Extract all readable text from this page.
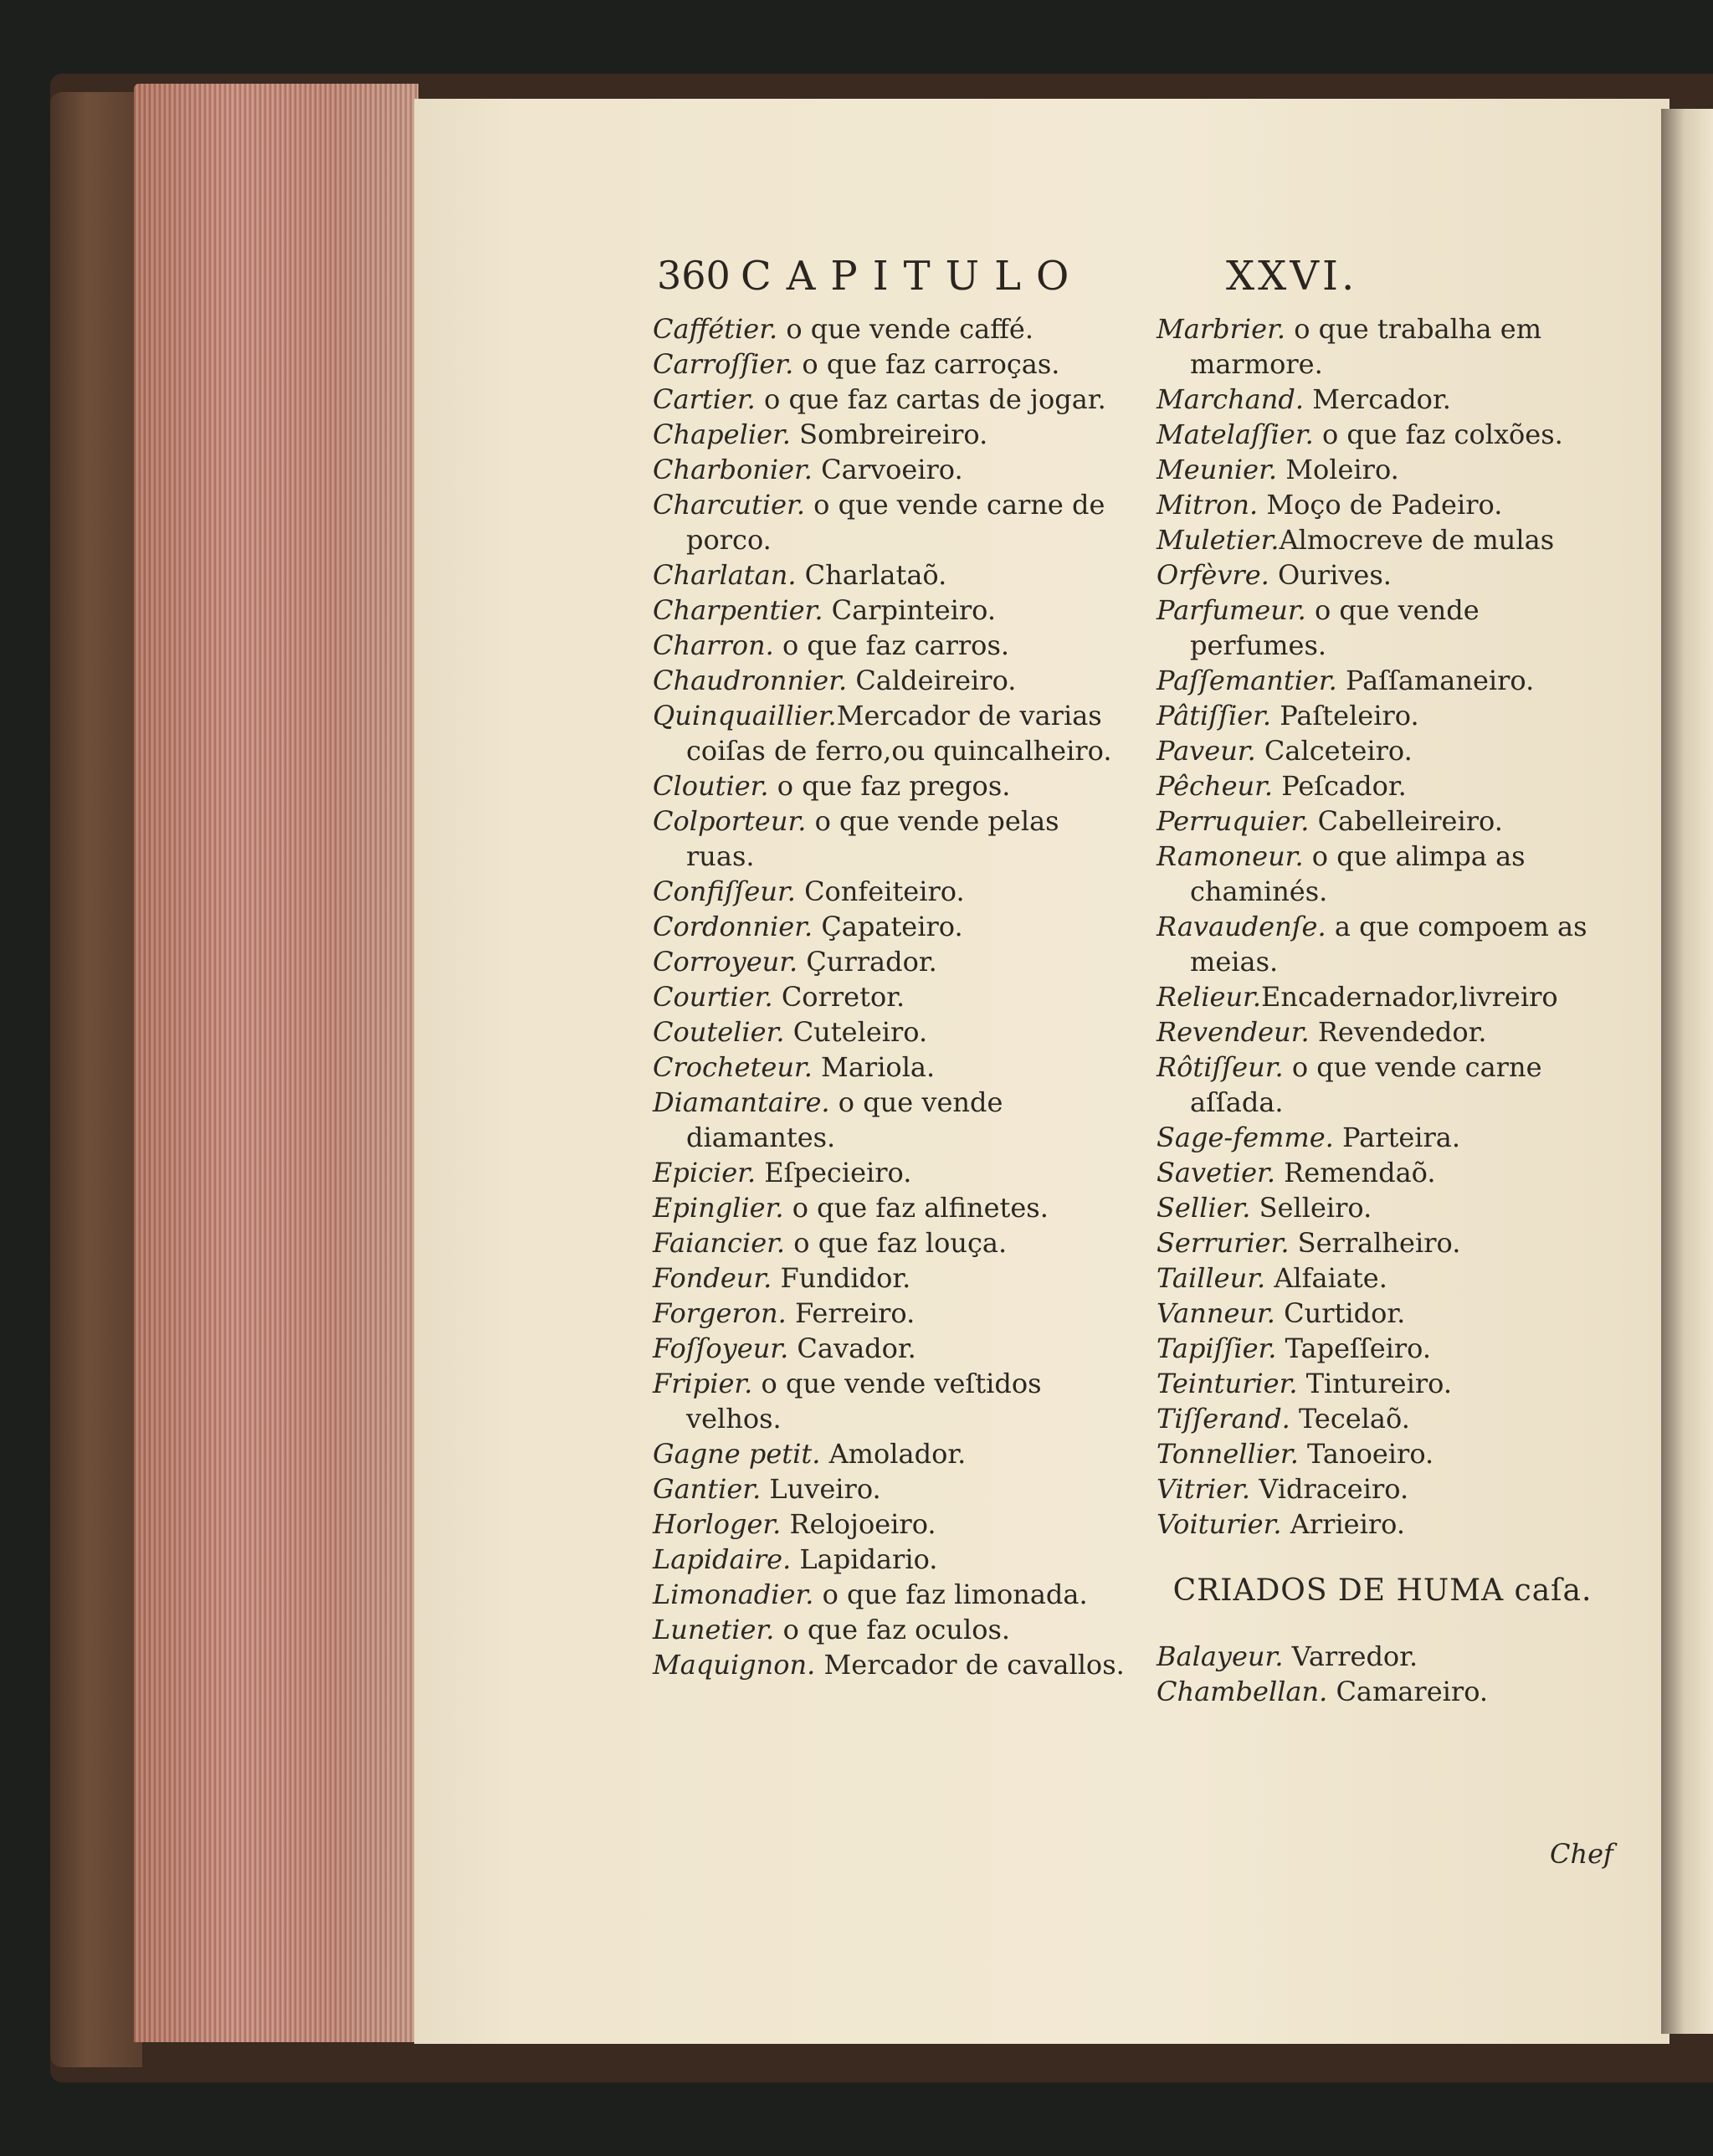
360 CAPITULO	XXVI.
Caffétier. o que vende caffé.
Carroſſier. o que faz carroças.
Cartier. o que faz cartas de jogar.
Chapelier. Sombreireiro.
Charbonier. Carvoeiro.
Charcutier. o que vende carne de porco.
Charlatan. Charlataõ.
Charpentier. Carpinteiro.
Charron. o que faz carros.
Chaudronnier. Caldeireiro.
Quinquaillier.Mercador de varias coiſas de ferro,ou quincalheiro.
Cloutier. o que faz pregos.
Colporteur. o que vende pelas ruas.
Confiſſeur. Confeiteiro.
Cordonnier. Çapateiro.
Corroyeur. Çurrador.
Courtier. Corretor.
Coutelier. Cuteleiro.
Crocheteur. Mariola.
Diamantaire. o que vende diamantes.
Epicier. Eſpecieiro.
Epinglier. o que faz alfinetes.
Faiancier. o que faz louça.
Fondeur. Fundidor.
Forgeron. Ferreiro.
Foſſoyeur. Cavador.
Fripier. o que vende veſtidos velhos.
Gagne petit. Amolador.
Gantier. Luveiro.
Horloger. Relojoeiro.
Lapidaire. Lapidario.
Limonadier. o que faz limonada.
Lunetier. o que faz oculos.
Maquignon. Mercador de cavallos.
Marbrier. o que trabalha em marmore.
Marchand. Mercador.
Matelaſſier. o que faz colxões.
Meunier. Moleiro.
Mitron. Moço de Padeiro.
Muletier.Almocreve de mulas
Orfèvre. Ourives.
Parfumeur. o que vende perfumes.
Paſſemantier. Paſſamaneiro.
Pâtiſſier. Paſteleiro.
Paveur. Calceteiro.
Pêcheur. Peſcador.
Perruquier. Cabelleireiro.
Ramoneur. o que alimpa as chaminés.
Ravaudenſe. a que compoem as meias.
Relieur.Encadernador,livreiro
Revendeur. Revendedor.
Rôtiſſeur. o que vende carne aſſada.
Sage-femme. Parteira.
Savetier. Remendaõ.
Sellier. Selleiro.
Serrurier. Serralheiro.
Tailleur. Alfaiate.
Vanneur. Curtidor.
Tapiſſier. Tapeſſeiro.
Teinturier. Tintureiro.
Tiſſerand. Tecelaõ.
Tonnellier. Tanoeiro.
Vitrier. Vidraceiro.
Voiturier. Arrieiro.
CRIADOS DE HUMA caſa.
Balayeur. Varredor.
Chambellan. Camareiro.
Chef
